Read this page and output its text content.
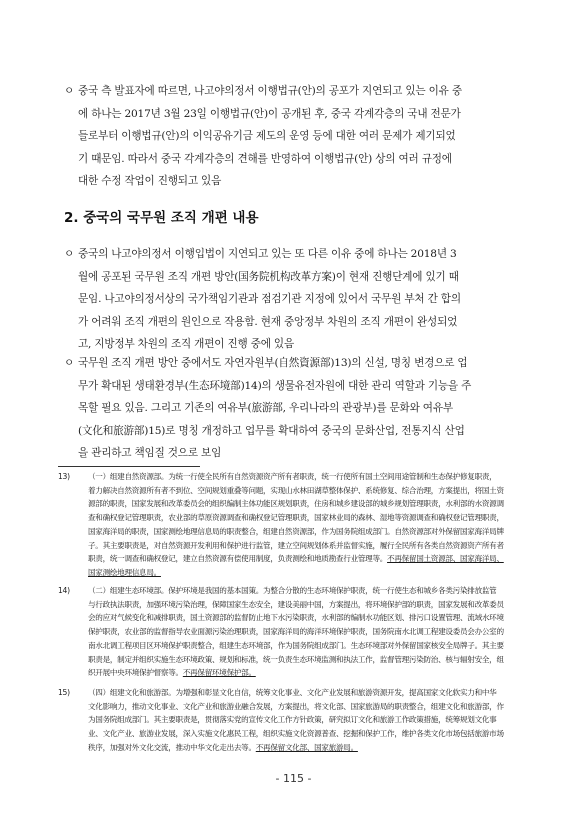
ㅇ 중국 측 발표자에 따르면, 나고야의정서 이행법규(안)의 공포가 지연되고 있는 이유 중
에 하나는 2017년 3월 23일 이행법규(안)이 공개된 후, 중국 각계각층의 국내 전문가
들로부터 이행법규(안)의 이익공유기금 제도의 운영 등에 대한 여러 문제가 제기되었
기 때문임. 따라서 중국 각계각층의 견해를 반영하여 이행법규(안) 상의 여러 규정에
대한 수정 작업이 진행되고 있음
2. 중국의 국무원 조직 개편 내용
ㅇ 중국의 나고야의정서 이행입법이 지연되고 있는 또 다른 이유 중에 하나는 2018년 3
월에 공포된 국무원 조직 개편 방안(国务院机构改革方案)이 현재 진행단계에 있기 때
문임. 나고야의정서상의 국가책임기관과 점검기관 지정에 있어서 국무원 부처 간 합의
가 어려워 조직 개편의 원인으로 작용함. 현재 중앙정부 차원의 조직 개편이 완성되었
고, 지방정부 차원의 조직 개편이 진행 중에 있음
ㅇ 국무원 조직 개편 방안 중에서도 자연자원부(自然資源部)13)의 신설, 명칭 변경으로 업
무가 확대된 생태환경부(生态环境部)14)의 생물유전자원에 대한 관리 역할과 기능을 주
목할 필요 있음. 그리고 기존의 여유부(旅游部, 우리나라의 관광부)를 문화와 여유부
(文化和旅游部)15)로 명칭 개정하고 업무를 확대하여 중국의 문화산업, 전통지식 산업
을 관리하고 책임질 것으로 보임
13)	（一）组建自然资源部。为统一行使全民所有自然资源资产所有者职责，统一行使所有国土空间用途管制和生态保护修复职责，
着力解决自然资源所有者不到位、空间规划重叠等问题，实现山水林田湖草整体保护、系统修复、综合治理，方案提出，将国土资
源部的职责，国家发展和改革委员会的组织编制主体功能区规划职责，住房和城乡建设部的城乡规划管理职责，水利部的水资源调
查和确权登记管理职责，农业部的草原资源调查和确权登记管理职责，国家林业局的森林、湿地等资源调查和确权登记管理职责，
国家海洋局的职责，国家测绘地理信息局的职责整合，组建自然资源部，作为国务院组成部门。自然资源部对外保留国家海洋局牌
子。其主要职责是，对自然资源开发利用和保护进行监管，建立空间规划体系并监督实施，履行全民所有各类自然资源资产所有者
职责，统一调查和确权登记，建立自然资源有偿使用制度，负责测绘和地质勘查行业管理等。不再保留国土资源部、国家海洋局、
国家测绘地理信息局。
14)	（二）组建生态环境部。保护环境是我国的基本国策。为整合分散的生态环境保护职责，统一行使生态和城乡各类污染排放监管
与行政执法职责，加强环境污染治理，保障国家生态安全，建设美丽中国，方案提出，将环境保护部的职责，国家发展和改革委员
会的应对气候变化和减排职责，国土资源部的监督防止地下水污染职责，水利部的编制水功能区划、排污口设置管理、流域水环境
保护职责，农业部的监督指导农业面源污染治理职责，国家海洋局的海洋环境保护职责，国务院南水北调工程建设委员会办公室的
南水北调工程项目区环境保护职责整合，组建生态环境部，作为国务院组成部门。生态环境部对外保留国家核安全局牌子。其主要
职责是，制定并组织实施生态环境政策、规划和标准，统一负责生态环境监测和执法工作，监督管理污染防治、核与辐射安全，组
织开展中央环境保护督察等。不再保留环境保护部。
15)	（四）组建文化和旅游部。为增强和彰显文化自信，统筹文化事业、文化产业发展和旅游资源开发，提高国家文化软实力和中华
文化影响力，推动文化事业、文化产业和旅游业融合发展，方案提出，将文化部、国家旅游局的职责整合，组建文化和旅游部，作
为国务院组成部门。其主要职责是，贯彻落实党的宣传文化工作方针政策，研究拟订文化和旅游工作政策措施，统筹规划文化事
业、文化产业、旅游业发展，深入实施文化惠民工程，组织实施文化资源普查、挖掘和保护工作，维护各类文化市场包括旅游市场
秩序，加强对外文化交流，推动中华文化走出去等。不再保留文化部、国家旅游局。
- 115 -
